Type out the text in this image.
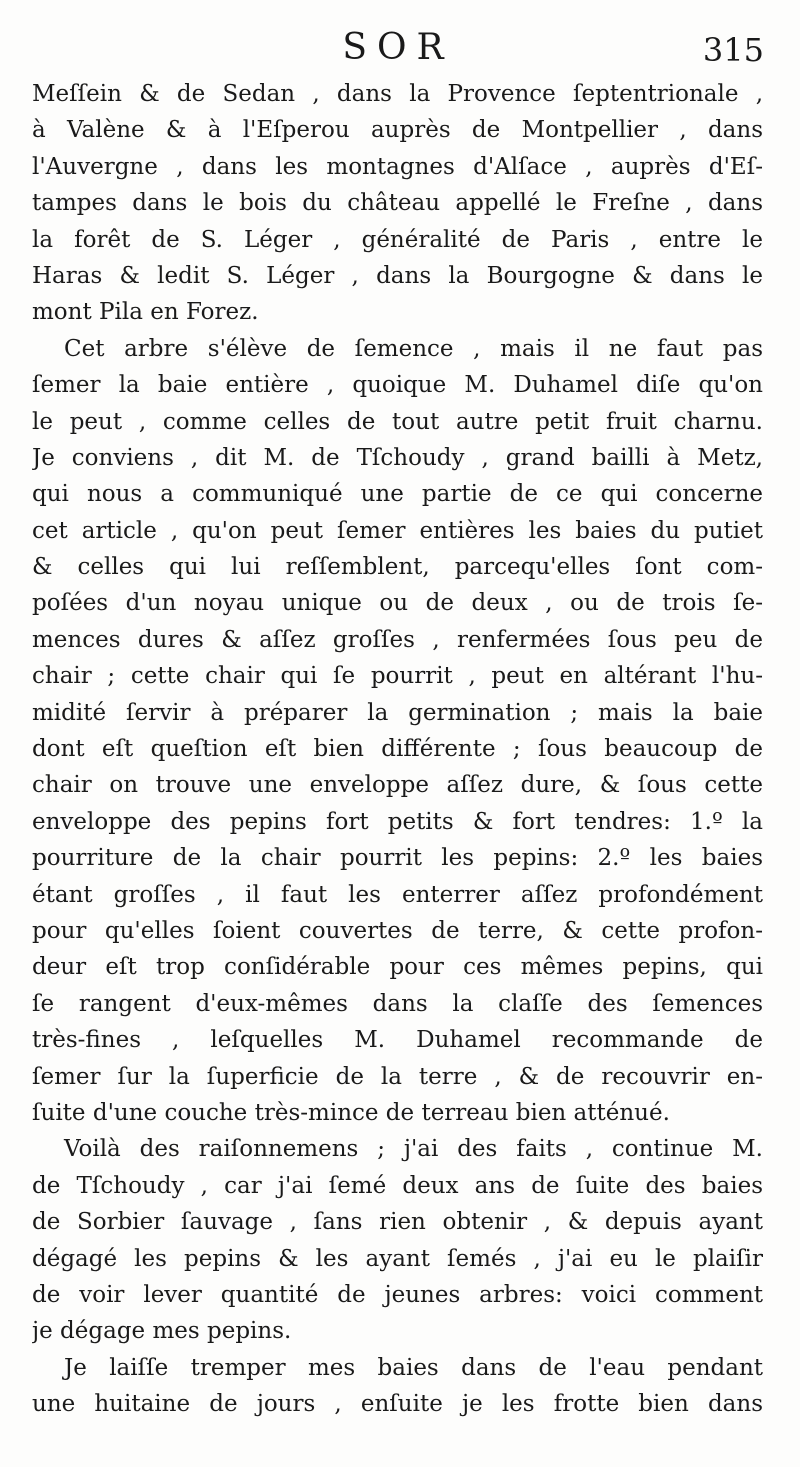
SOR	315
Meſſein & de Sedan , dans la Provence ſeptentrionale ,
à Valène & à l'Eſperou auprès de Montpellier , dans
l'Auvergne , dans les montagnes d'Alſace , auprès d'Eſ-
tampes dans le bois du château appellé le Freſne , dans
la forêt de S. Léger , généralité de Paris , entre le
Haras & ledit S. Léger , dans la Bourgogne & dans le
mont Pila en Forez.
Cet arbre s'élève de ſemence , mais il ne faut pas
ſemer la baie entière , quoique M. Duhamel diſe qu'on
le peut , comme celles de tout autre petit fruit charnu.
Je conviens , dit M. de Tſchoudy , grand bailli à Metz,
qui nous a communiqué une partie de ce qui concerne
cet article , qu'on peut ſemer entières les baies du putiet
& celles qui lui reſſemblent, parcequ'elles ſont com-
poſées d'un noyau unique ou de deux , ou de trois ſe-
mences dures & aſſez groſſes , renfermées ſous peu de
chair ; cette chair qui ſe pourrit , peut en altérant l'hu-
midité ſervir à préparer la germination ; mais la baie
dont eſt queſtion eſt bien différente ; ſous beaucoup de
chair on trouve une enveloppe aſſez dure, & ſous cette
enveloppe des pepins fort petits & fort tendres: 1.º la
pourriture de la chair pourrit les pepins: 2.º les baies
étant groſſes , il faut les enterrer aſſez profondément
pour qu'elles ſoient couvertes de terre, & cette profon-
deur eſt trop conſidérable pour ces mêmes pepins, qui
ſe rangent d'eux-mêmes dans la claſſe des ſemences
très-fines , leſquelles M. Duhamel recommande de
ſemer ſur la ſuperficie de la terre , & de recouvrir en-
ſuite d'une couche très-mince de terreau bien atténué.
Voilà des raiſonnemens ; j'ai des faits , continue M.
de Tſchoudy , car j'ai ſemé deux ans de ſuite des baies
de Sorbier ſauvage , ſans rien obtenir , & depuis ayant
dégagé les pepins & les ayant ſemés , j'ai eu le plaiſir
de voir lever quantité de jeunes arbres: voici comment
je dégage mes pepins.
Je laiſſe tremper mes baies dans de l'eau pendant
une huitaine de jours , enſuite je les frotte bien dans
